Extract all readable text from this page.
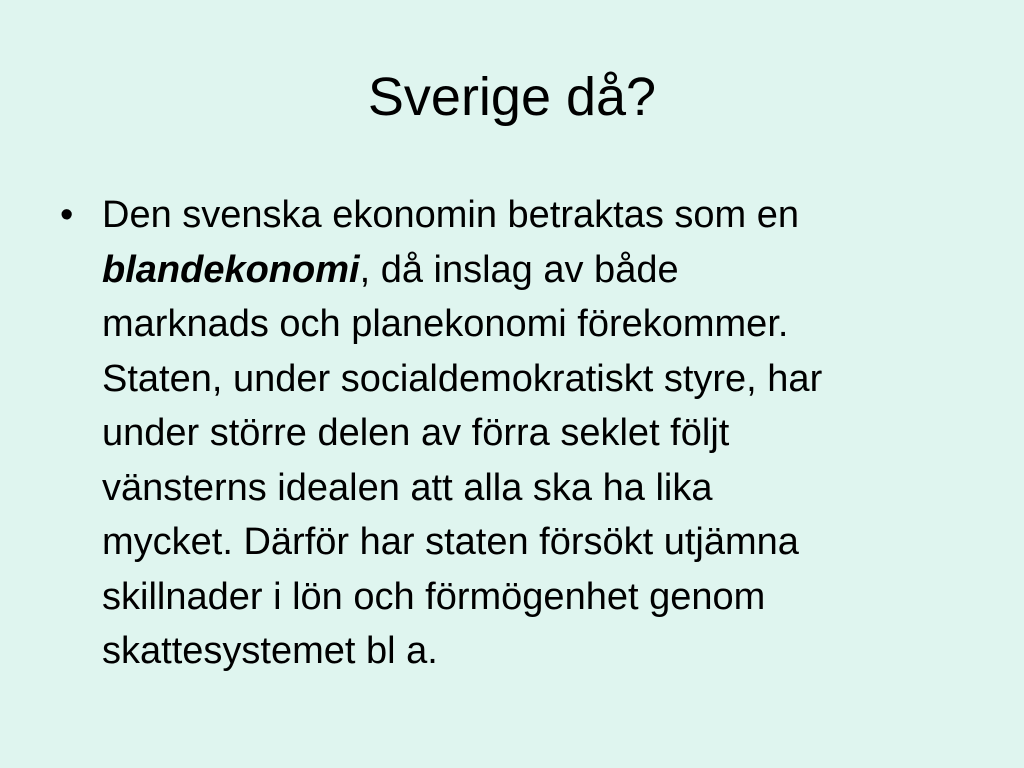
Sverige då?
• Den svenska ekonomin betraktas som en
blandekonomi, då inslag av både
marknads och planekonomi förekommer.
Staten, under socialdemokratiskt styre, har
under större delen av förra seklet följt
vänsterns idealen att alla ska ha lika
mycket. Därför har staten försökt utjämna
skillnader i lön och förmögenhet genom
skattesystemet bl a.
